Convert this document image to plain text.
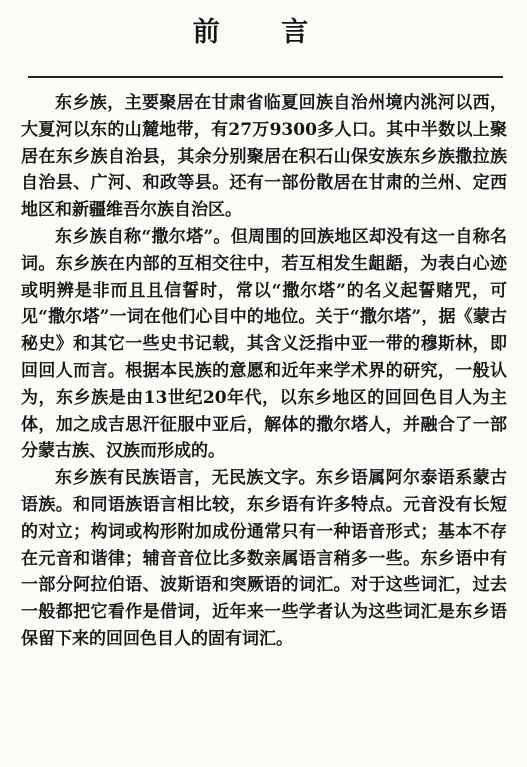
前 言

东乡族，主要聚居在甘肃省临夏回族自治州境内洮河以西，大夏河以东的山麓地带，有27万9300多人口。其中半数以上聚居在东乡族自治县，其余分别聚居在积石山保安族东乡族撒拉族自治县、广河、和政等县。还有一部份散居在甘肃的兰州、定西地区和新疆维吾尔族自治区。

东乡族自称“撒尔塔”。但周围的回族地区却没有这一自称名词。东乡族在内部的互相交往中，若互相发生龃龉，为表白心迹或明辨是非而且且信誓时，常以“撒尔塔”的名义起誓赌咒，可见“撒尔塔”一词在他们心目中的地位。关于“撒尔塔”，据《蒙古秘史》和其它一些史书记载，其含义泛指中亚一带的穆斯林，即回回人而言。根据本民族的意愿和近年来学术界的研究，一般认为，东乡族是由13世纪20年代，以东乡地区的回回色目人为主体，加之成吉思汗征服中亚后，解体的撒尔塔人，并融合了一部分蒙古族、汉族而形成的。

东乡族有民族语言，无民族文字。东乡语属阿尔泰语系蒙古语族。和同语族语言相比较，东乡语有许多特点。元音没有长短的对立；构词或构形附加成份通常只有一种语音形式；基本不存在元音和谐律；辅音音位比多数亲属语言稍多一些。东乡语中有一部分阿拉伯语、波斯语和突厥语的词汇。对于这些词汇，过去一般都把它看作是借词，近年来一些学者认为这些词汇是东乡语保留下来的回回色目人的固有词汇。
